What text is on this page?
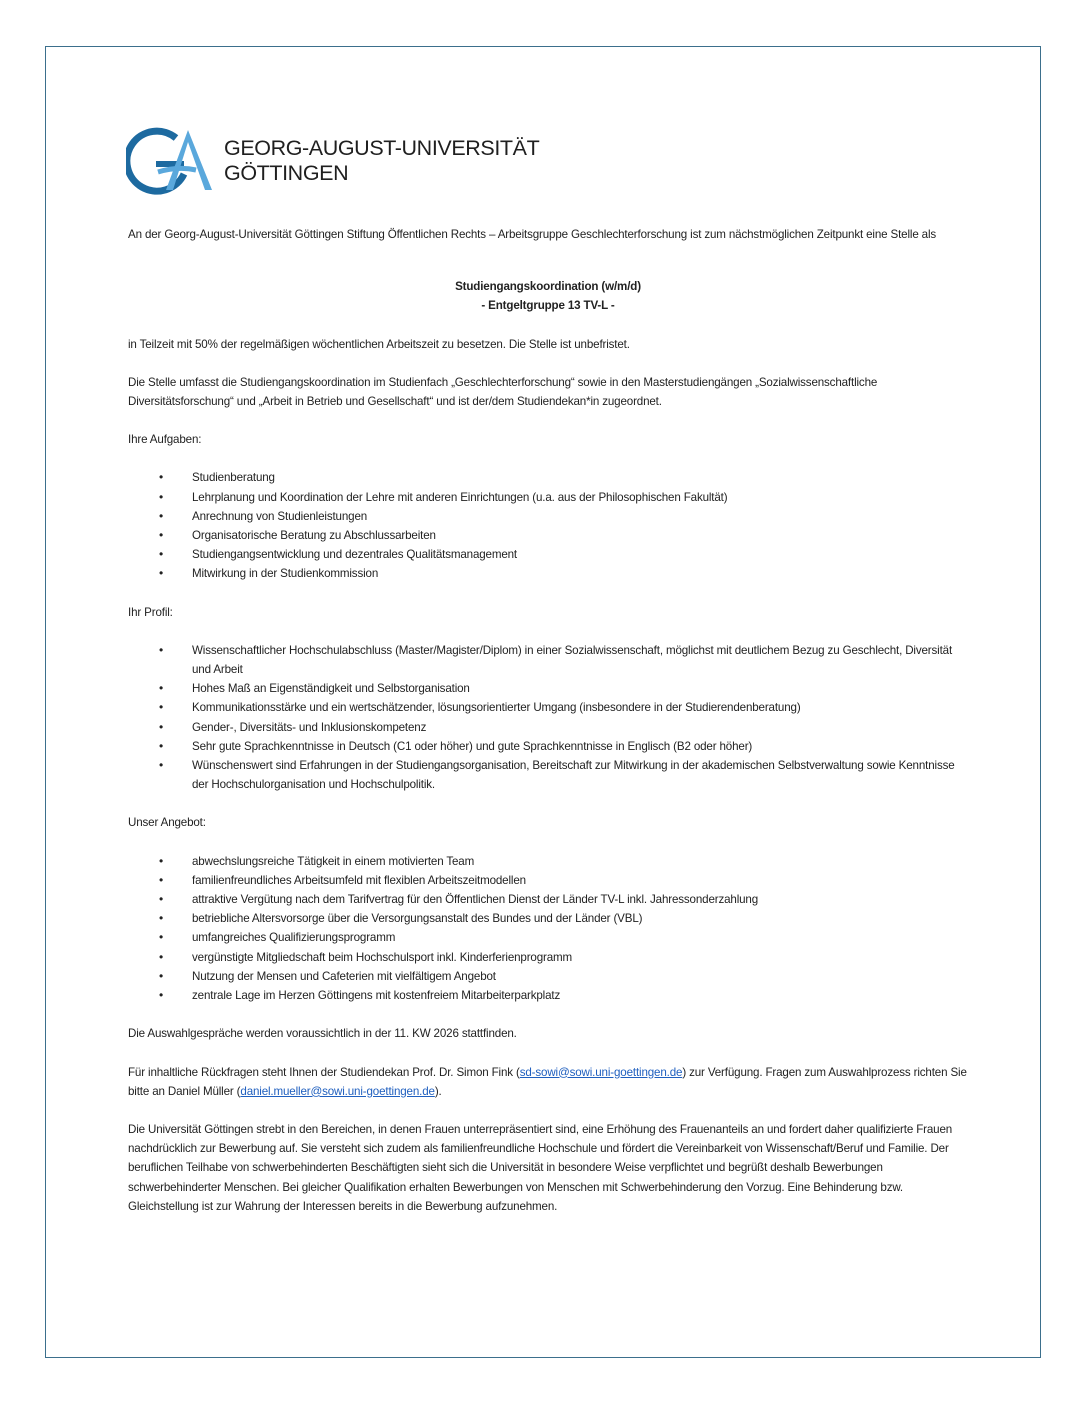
GEORG-AUGUST-UNIVERSITÄT
GÖTTINGEN

An der Georg-August-Universität Göttingen Stiftung Öffentlichen Rechts – Arbeitsgruppe Geschlechterforschung ist zum nächstmöglichen Zeitpunkt eine Stelle als

Studiengangskoordination (w/m/d)

- Entgeltgruppe 13 TV-L -

in Teilzeit mit 50% der regelmäßigen wöchentlichen Arbeitszeit zu besetzen. Die Stelle ist unbefristet.

Die Stelle umfasst die Studiengangskoordination im Studienfach „Geschlechterforschung“ sowie in den Masterstudiengängen „Sozialwissenschaftliche Diversitätsforschung“ und „Arbeit in Betrieb und Gesellschaft“ und ist der/dem Studiendekan*in zugeordnet.

Ihre Aufgaben:

• Studienberatung
• Lehrplanung und Koordination der Lehre mit anderen Einrichtungen (u.a. aus der Philosophischen Fakultät)
• Anrechnung von Studienleistungen
• Organisatorische Beratung zu Abschlussarbeiten
• Studiengangsentwicklung und dezentrales Qualitätsmanagement
• Mitwirkung in der Studienkommission

Ihr Profil:

• Wissenschaftlicher Hochschulabschluss (Master/Magister/Diplom) in einer Sozialwissenschaft, möglichst mit deutlichem Bezug zu Geschlecht, Diversität und Arbeit
• Hohes Maß an Eigenständigkeit und Selbstorganisation
• Kommunikationsstärke und ein wertschätzender, lösungsorientierter Umgang (insbesondere in der Studierendenberatung)
• Gender-, Diversitäts- und Inklusionskompetenz
• Sehr gute Sprachkenntnisse in Deutsch (C1 oder höher) und gute Sprachkenntnisse in Englisch (B2 oder höher)
• Wünschenswert sind Erfahrungen in der Studiengangsorganisation, Bereitschaft zur Mitwirkung in der akademischen Selbstverwaltung sowie Kenntnisse der Hochschulorganisation und Hochschulpolitik.

Unser Angebot:

• abwechslungsreiche Tätigkeit in einem motivierten Team
• familienfreundliches Arbeitsumfeld mit flexiblen Arbeitszeitmodellen
• attraktive Vergütung nach dem Tarifvertrag für den Öffentlichen Dienst der Länder TV-L inkl. Jahressonderzahlung
• betriebliche Altersvorsorge über die Versorgungsanstalt des Bundes und der Länder (VBL)
• umfangreiches Qualifizierungsprogramm
• vergünstigte Mitgliedschaft beim Hochschulsport inkl. Kinderferienprogramm
• Nutzung der Mensen und Cafeterien mit vielfältigem Angebot
• zentrale Lage im Herzen Göttingens mit kostenfreiem Mitarbeiterparkplatz

Die Auswahlgespräche werden voraussichtlich in der 11. KW 2026 stattfinden.

Für inhaltliche Rückfragen steht Ihnen der Studiendekan Prof. Dr. Simon Fink (sd-sowi@sowi.uni-goettingen.de) zur Verfügung. Fragen zum Auswahlprozess richten Sie bitte an Daniel Müller (daniel.mueller@sowi.uni-goettingen.de).

Die Universität Göttingen strebt in den Bereichen, in denen Frauen unterrepräsentiert sind, eine Erhöhung des Frauenanteils an und fordert daher qualifizierte Frauen nachdrücklich zur Bewerbung auf. Sie versteht sich zudem als familienfreundliche Hochschule und fördert die Vereinbarkeit von Wissenschaft/Beruf und Familie. Der beruflichen Teilhabe von schwerbehinderten Beschäftigten sieht sich die Universität in besondere Weise verpflichtet und begrüßt deshalb Bewerbungen schwerbehinderter Menschen. Bei gleicher Qualifikation erhalten Bewerbungen von Menschen mit Schwerbehinderung den Vorzug. Eine Behinderung bzw. Gleichstellung ist zur Wahrung der Interessen bereits in die Bewerbung aufzunehmen.
